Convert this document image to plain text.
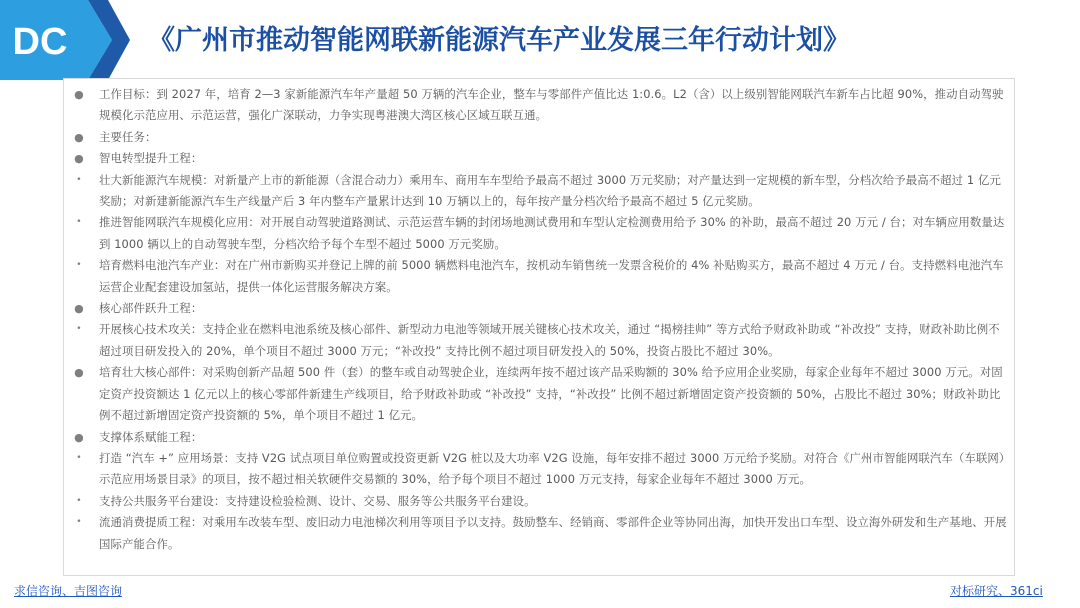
DC	《广州市推动智能网联新能源汽车产业发展三年行动计划》
●	工作目标：到 2027 年，培育 2—3 家新能源汽车年产量超 50 万辆的汽车企业，整车与零部件产值比达 1:0.6。L2（含）以上级别智能网联汽车新车占比超 90%，推动自动驾驶规模化示范应用、示范运营，强化广深联动，力争实现粤港澳大湾区核心区域互联互通。
●	主要任务：
●	智电转型提升工程：
•	壮大新能源汽车规模：对新量产上市的新能源（含混合动力）乘用车、商用车车型给予最高不超过 3000 万元奖励；对产量达到一定规模的新车型，分档次给予最高不超过 1 亿元奖励；对新建新能源汽车生产线量产后 3 年内整车产量累计达到 10 万辆以上的，每年按产量分档次给予最高不超过 5 亿元奖励。
•	推进智能网联汽车规模化应用：对开展自动驾驶道路测试、示范运营车辆的封闭场地测试费用和车型认定检测费用给予 30% 的补助，最高不超过 20 万元 / 台；对车辆应用数量达到 1000 辆以上的自动驾驶车型，分档次给予每个车型不超过 5000 万元奖励。
•	培育燃料电池汽车产业：对在广州市新购买并登记上牌的前 5000 辆燃料电池汽车，按机动车销售统一发票含税价的 4% 补贴购买方，最高不超过 4 万元 / 台。支持燃料电池汽车运营企业配套建设加氢站，提供一体化运营服务解决方案。
●	核心部件跃升工程：
•	开展核心技术攻关：支持企业在燃料电池系统及核心部件、新型动力电池等领域开展关键核心技术攻关，通过 “揭榜挂帅” 等方式给予财政补助或 “补改投” 支持，财政补助比例不超过项目研发投入的 20%，单个项目不超过 3000 万元；“补改投” 支持比例不超过项目研发投入的 50%，投资占股比不超过 30%。
●	培育壮大核心部件：对采购创新产品超 500 件（套）的整车或自动驾驶企业，连续两年按不超过该产品采购额的 30% 给予应用企业奖励，每家企业每年不超过 3000 万元。对固定资产投资额达 1 亿元以上的核心零部件新建生产线项目，给予财政补助或 “补改投” 支持，“补改投” 比例不超过新增固定资产投资额的 50%，占股比不超过 30%；财政补助比例不超过新增固定资产投资额的 5%，单个项目不超过 1 亿元。
●	支撑体系赋能工程：
•	打造 “汽车 +” 应用场景：支持 V2G 试点项目单位购置或投资更新 V2G 桩以及大功率 V2G 设施，每年安排不超过 3000 万元给予奖励。对符合《广州市智能网联汽车（车联网）示范应用场景目录》的项目，按不超过相关软硬件交易额的 30%，给予每个项目不超过 1000 万元支持，每家企业每年不超过 3000 万元。
•	支持公共服务平台建设：支持建设检验检测、设计、交易、服务等公共服务平台建设。
•	流通消费提质工程：对乘用车改装车型、废旧动力电池梯次利用等项目予以支持。鼓励整车、经销商、零部件企业等协同出海，加快开发出口车型、设立海外研发和生产基地、开展国际产能合作。
求信咨询、吉图咨询	对标研究、361ci
